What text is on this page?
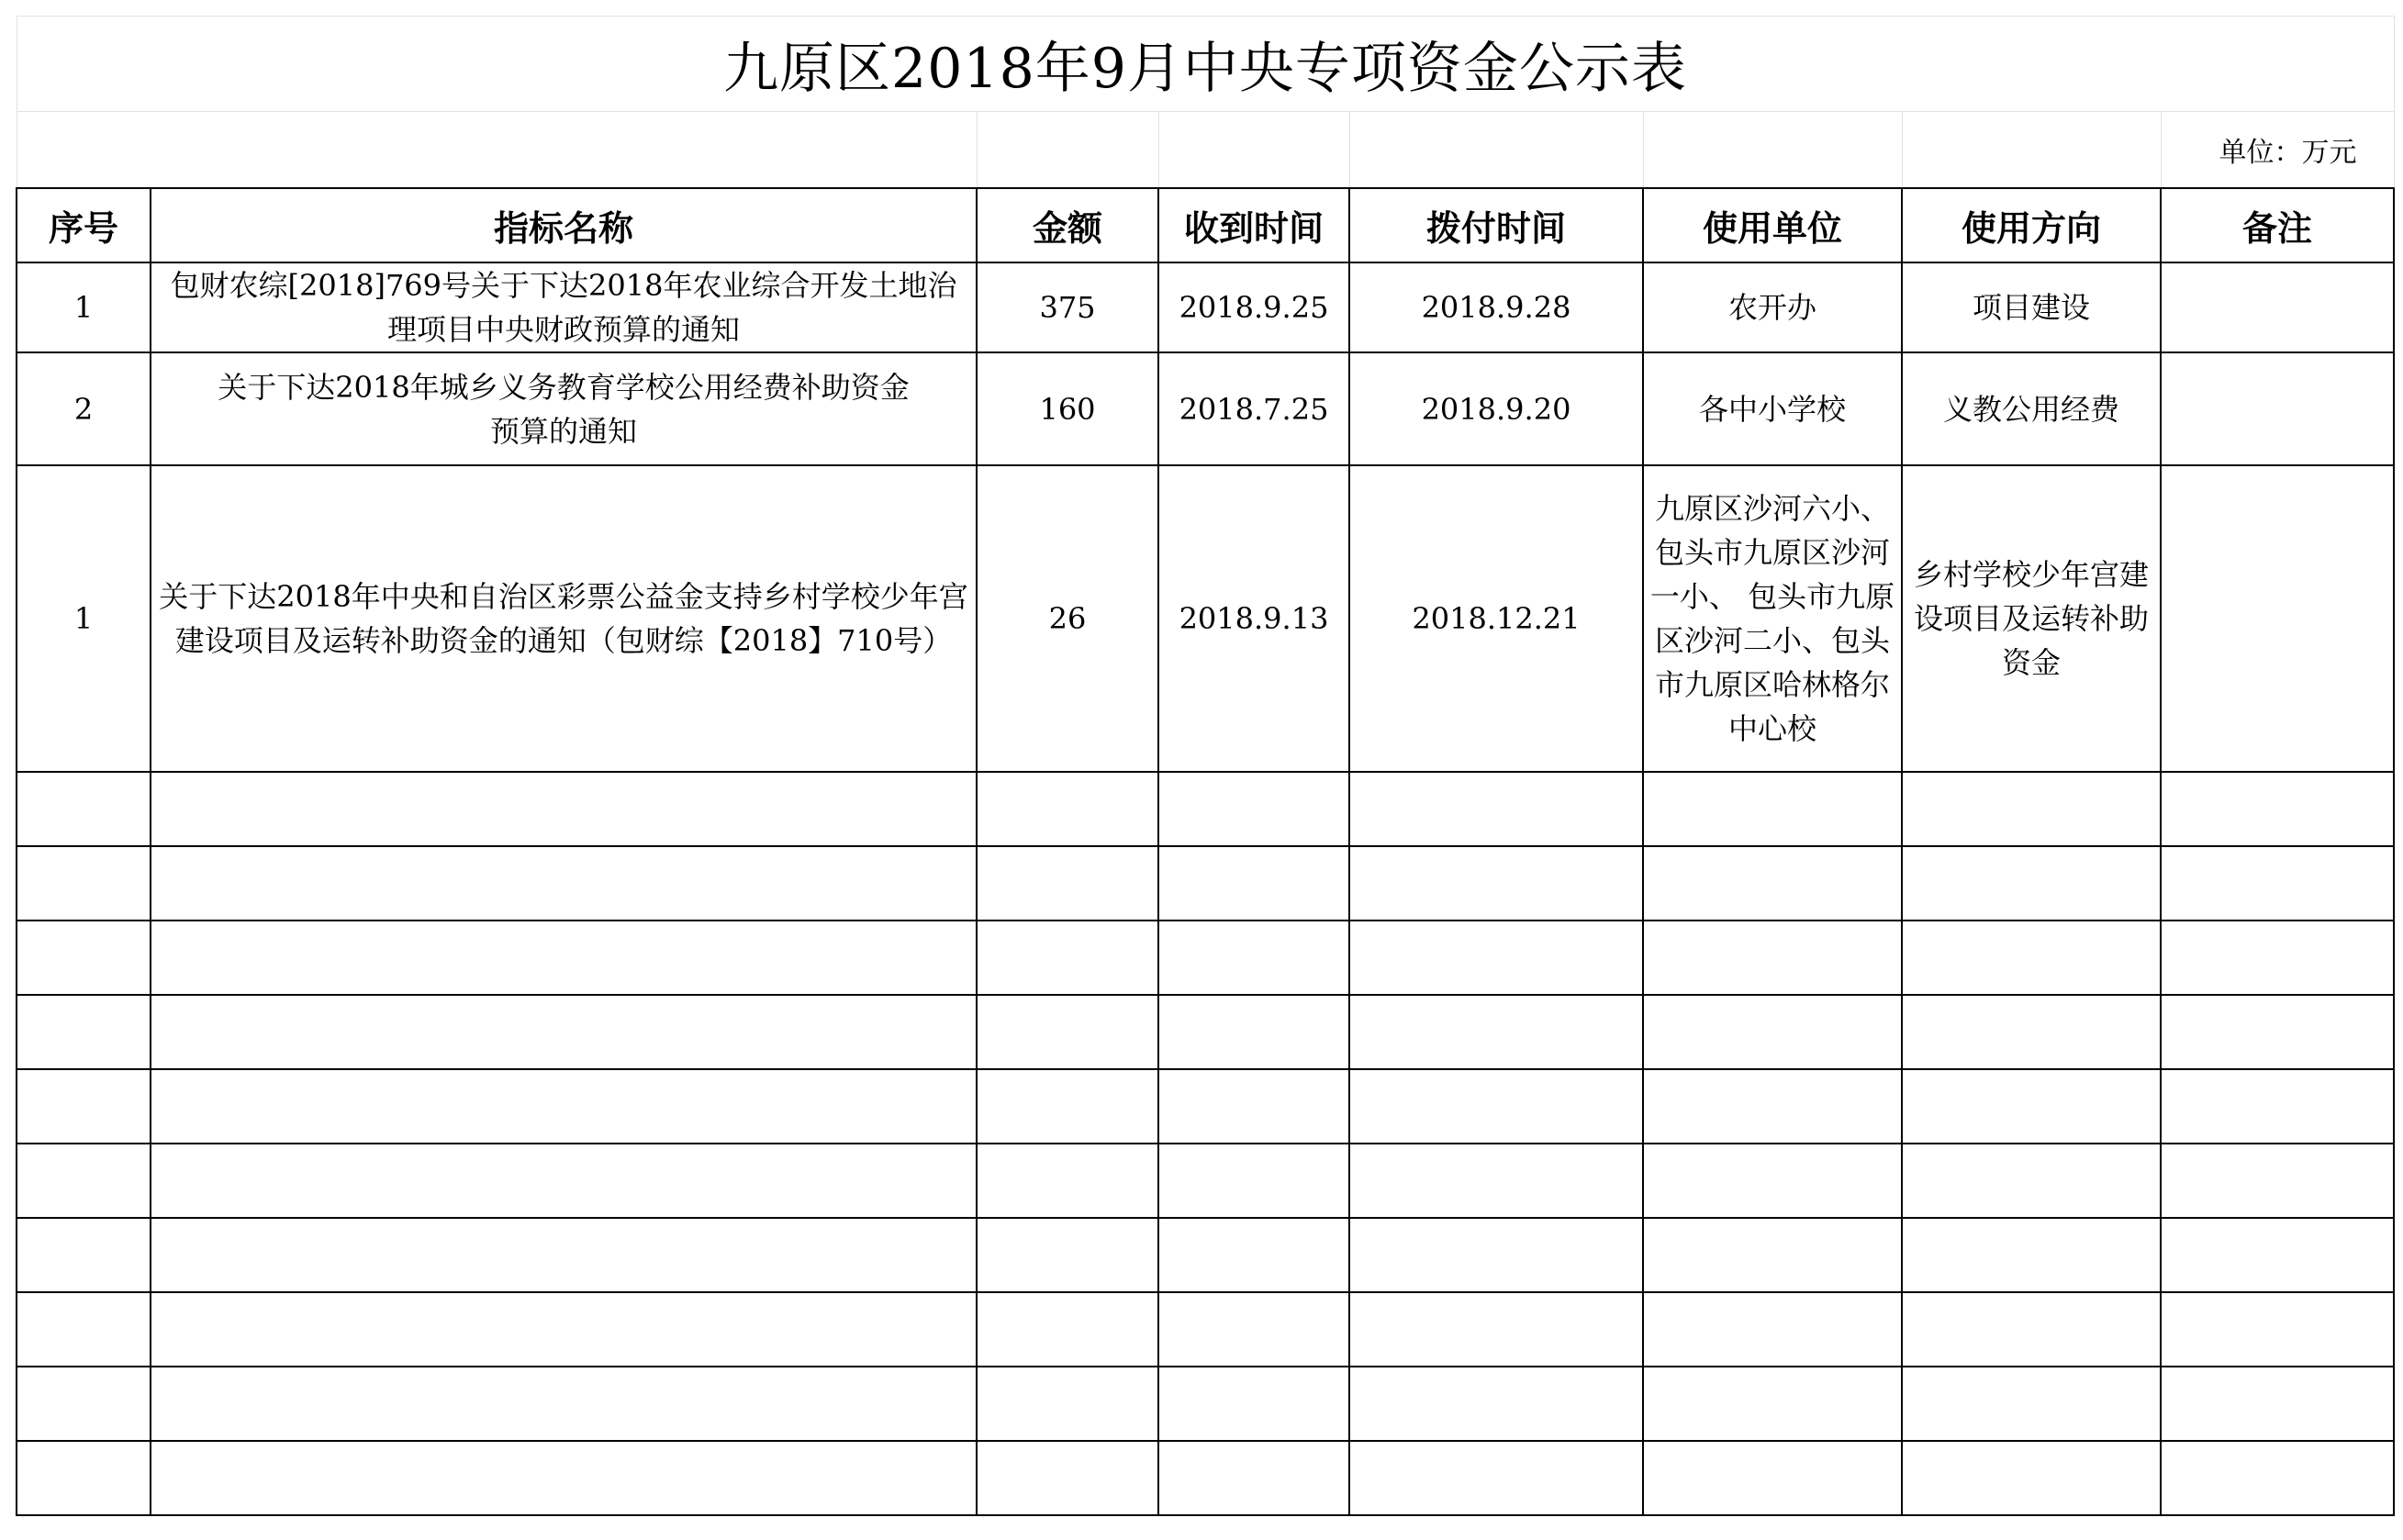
九原区2018年9月中央专项资金公示表							
							单位：万元
序号	指标名称	金额	收到时间	拨付时间	使用单位	使用方向	备注
1	包财农综[2018]769号关于下达2018年农业综合开发土地治理项目中央财政预算的通知	375	2018.9.25	2018.9.28	农开办	项目建设	
2	关于下达2018年城乡义务教育学校公用经费补助资金预算的通知	160	2018.7.25	2018.9.20	各中小学校	义教公用经费	
1	关于下达2018年中央和自治区彩票公益金支持乡村学校少年宫建设项目及运转补助资金的通知（包财综【2018】710号）	26	2018.9.13	2018.12.21	九原区沙河六小、包头市九原区沙河一小、 包头市九原区沙河二小、包头市九原区哈林格尔中心校	乡村学校少年宫建设项目及运转补助资金	
